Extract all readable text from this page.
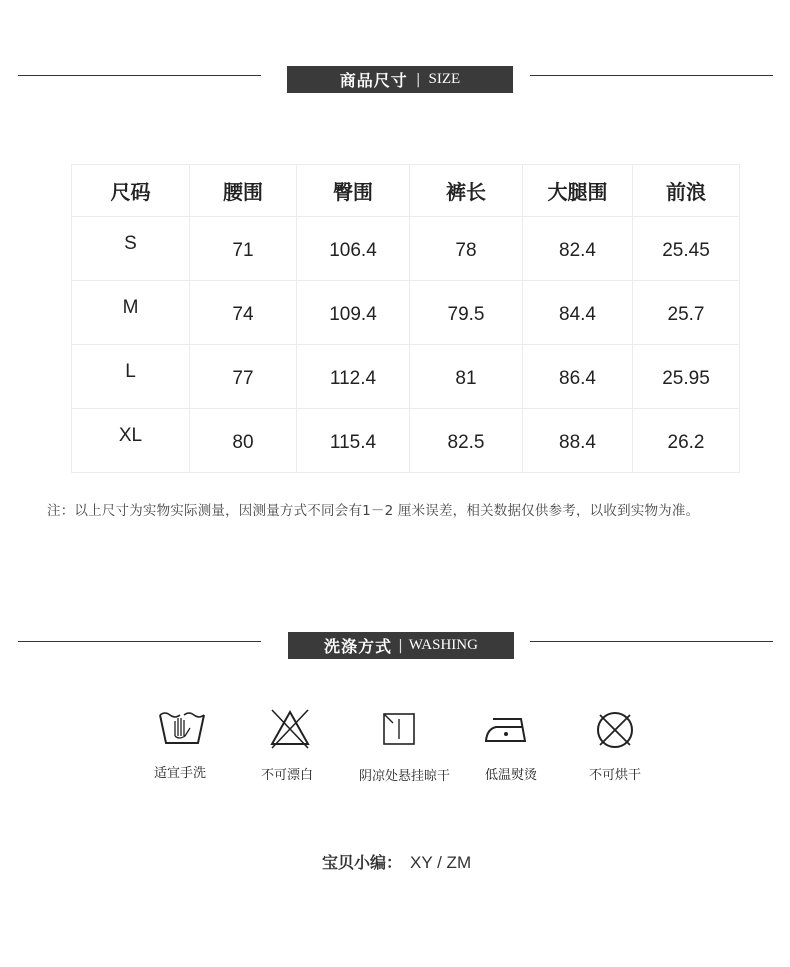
商品尺寸 | SIZE
尺码	腰围	臀围	裤长	大腿围	前浪
S	71	106.4	78	82.4	25.45
M	74	109.4	79.5	84.4	25.7
L	77	112.4	81	86.4	25.95
XL	80	115.4	82.5	88.4	26.2
注：以上尺寸为实物实际测量，因测量方式不同会有1－2 厘米误差，相关数据仅供参考，以收到实物为准。
洗涤方式 | WASHING
适宜手洗	不可漂白	阴凉处悬挂晾干	低温熨烫	不可烘干
宝贝小编： XY / ZM
